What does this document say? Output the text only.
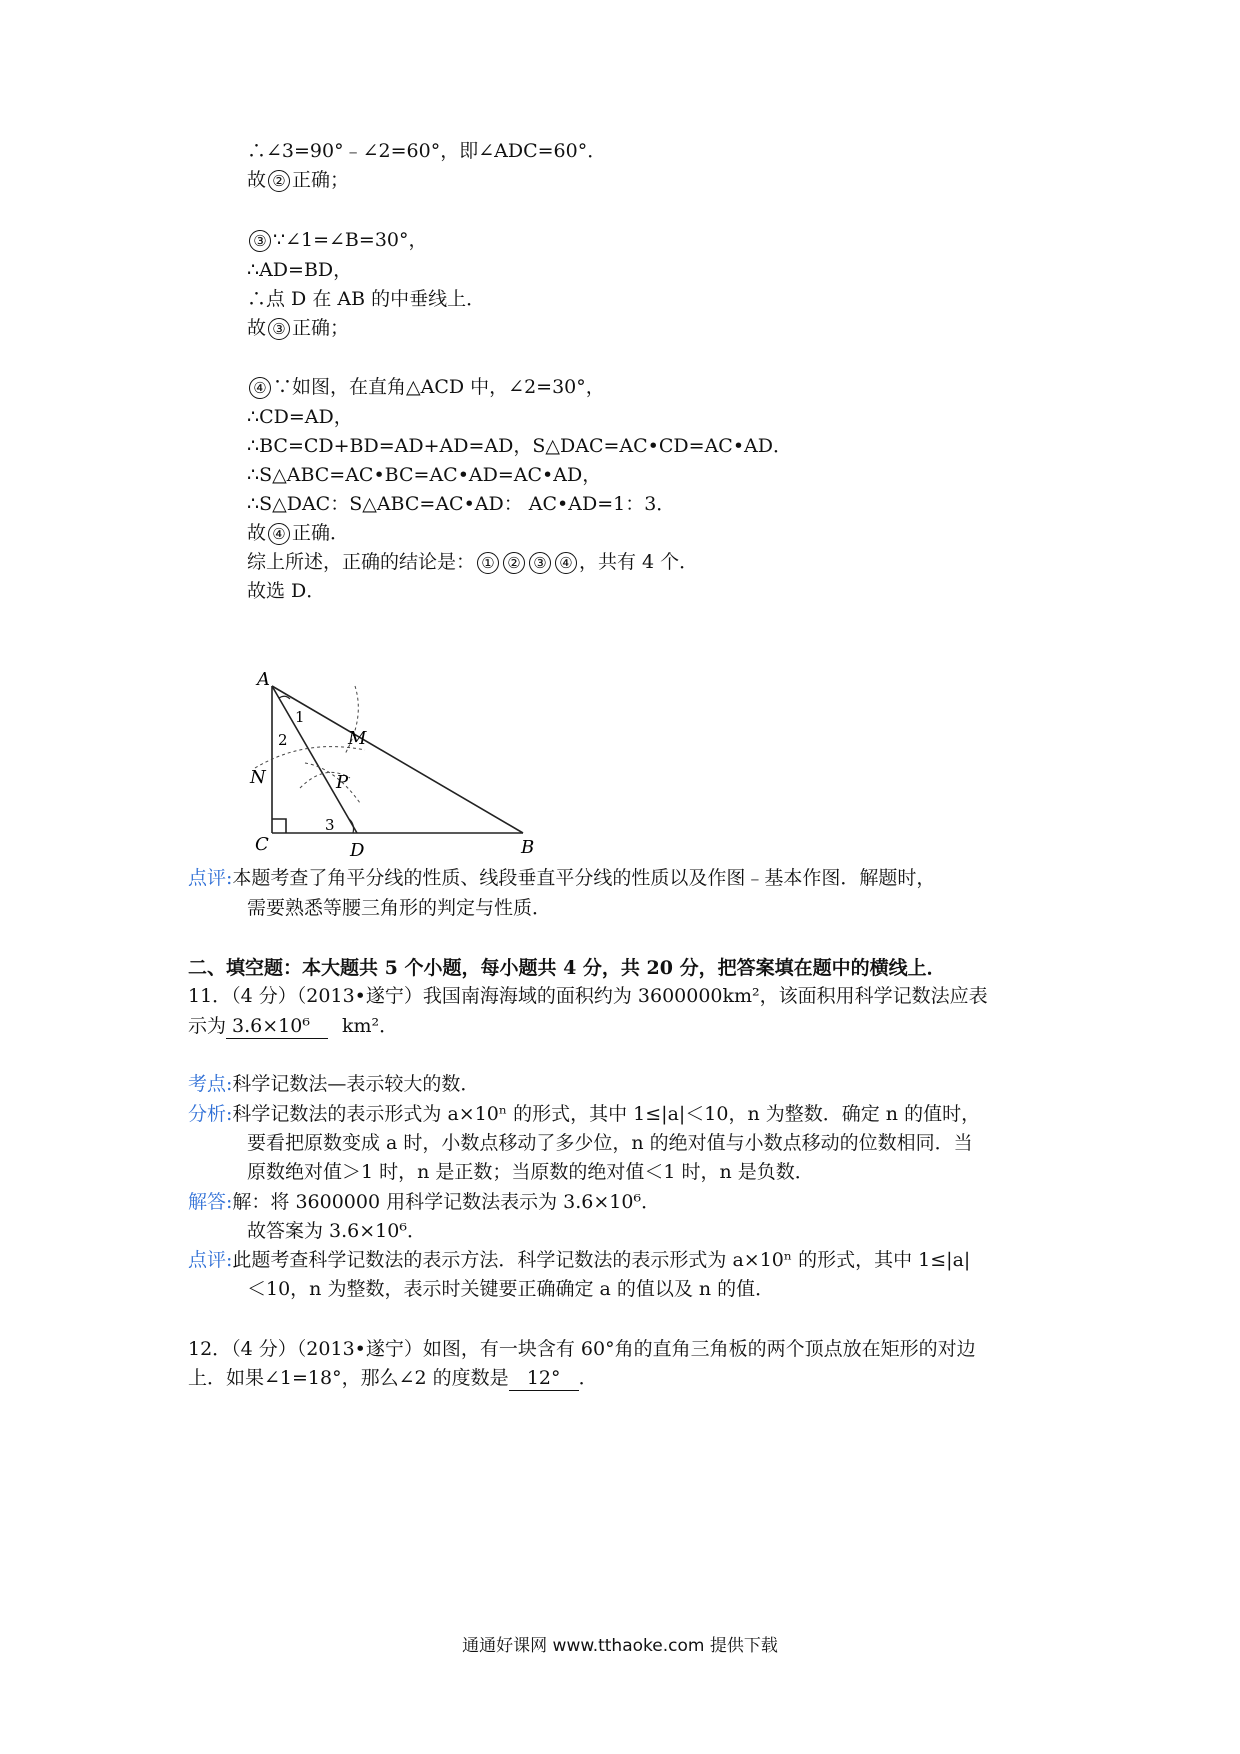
∴∠3=90°﹣∠2=60°，即∠ADC=60°．
故 ② 正确；
③ ∵∠1=∠B=30°，
∴AD=BD，
∴点 D 在 AB 的中垂线上．
故 ③ 正确；
④ ∵如图，在直角△ACD 中，∠2=30°，
∴CD=AD，
∴BC=CD+BD=AD+AD=AD，S△DAC=AC•CD=AC•AD．
∴S△ABC=AC•BC=AC•AD=AC•AD，
∴S△DAC：S△ABC=AC•AD： AC•AD=1：3．
故 ④ 正确．
综上所述，正确的结论是： ① ② ③ ④ ，共有 4 个．
故选 D．
A
B
C	D
M
N	P
1
2
3
点评:本题考查了角平分线的性质、线段垂直平分线的性质以及作图﹣基本作图．解题时，
需要熟悉等腰三角形的判定与性质．
二、填空题：本大题共 5 个小题，每小题共 4 分，共 20 分，把答案填在题中的横线上．
11．（4 分）（2013•遂宁）我国南海海域的面积约为 3600000km²，该面积用科学记数法应表
示为 3.6×10⁶ km²．
考点:科学记数法—表示较大的数．
分析:科学记数法的表示形式为 a×10ⁿ 的形式，其中 1≤|a|＜10，n 为整数．确定 n 的值时，
要看把原数变成 a 时，小数点移动了多少位，n 的绝对值与小数点移动的位数相同．当
原数绝对值＞1 时，n 是正数；当原数的绝对值＜1 时，n 是负数．
解答:解：将 3600000 用科学记数法表示为 3.6×10⁶．
故答案为 3.6×10⁶．
点评:此题考查科学记数法的表示方法．科学记数法的表示形式为 a×10ⁿ 的形式，其中 1≤|a|
＜10，n 为整数，表示时关键要正确确定 a 的值以及 n 的值．
12．（4 分）（2013•遂宁）如图，有一块含有 60°角的直角三角板的两个顶点放在矩形的对边
上．如果∠1=18°，那么∠2 的度数是 12° ．
通通好课网 www.tthaoke.com 提供下载
